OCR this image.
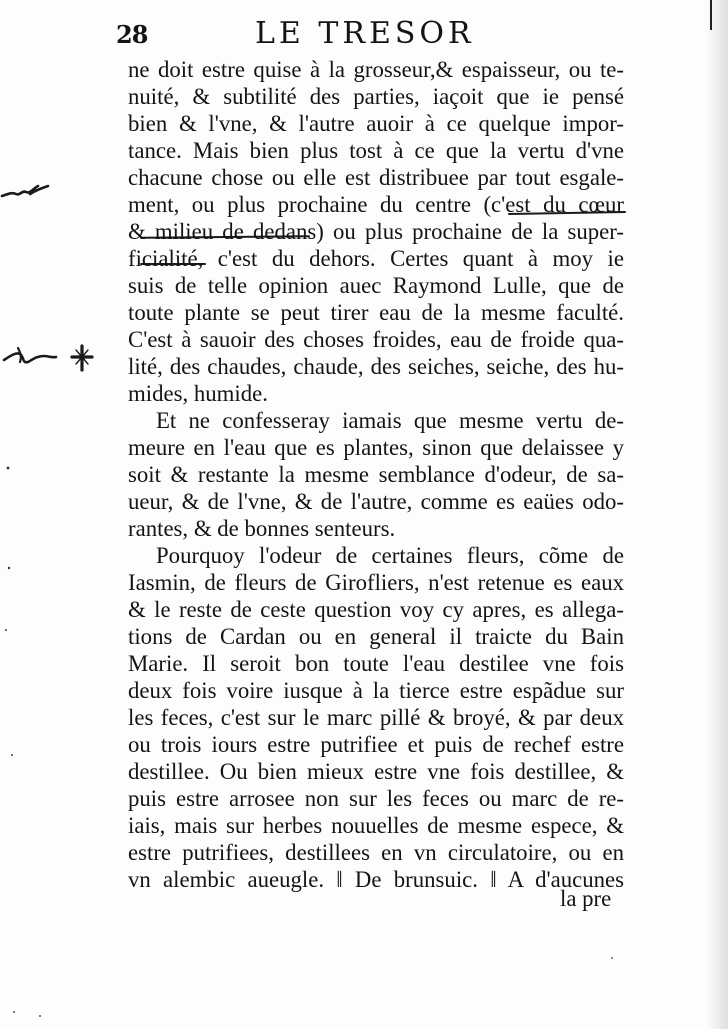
28	LE TRESOR
ne doit estre quise à la grosseur,& espaisseur, ou te-
nuité, & subtilité des parties, iaçoit que ie pensé
bien & l'vne, & l'autre auoir à ce quelque impor-
tance. Mais bien plus tost à ce que la vertu d'vne
chacune chose ou elle est distribuee par tout esgale-
ment, ou plus prochaine du centre (c'est du cœur
& milieu de dedans) ou plus prochaine de la super-
ficialité, c'est du dehors. Certes quant à moy ie
suis de telle opinion auec Raymond Lulle, que de
toute plante se peut tirer eau de la mesme faculté.
C'est à sauoir des choses froides, eau de froide qua-
lité, des chaudes, chaude, des seiches, seiche, des hu-
mides, humide.
Et ne confesseray iamais que mesme vertu de-
meure en l'eau que es plantes, sinon que delaissee y
soit & restante la mesme semblance d'odeur, de sa-
ueur, & de l'vne, & de l'autre, comme es eaües odo-
rantes, & de bonnes senteurs.
Pourquoy l'odeur de certaines fleurs, cõme de
Iasmin, de fleurs de Girofliers, n'est retenue es eaux
& le reste de ceste question voy cy apres, es allega-
tions de Cardan ou en general il traicte du Bain
Marie. Il seroit bon toute l'eau destilee vne fois
deux fois voire iusque à la tierce estre espãdue sur
les feces, c'est sur le marc pillé & broyé, & par deux
ou trois iours estre putrifiee et puis de rechef estre
destillee. Ou bien mieux estre vne fois destillee, &
puis estre arrosee non sur les feces ou marc de re-
iais, mais sur herbes nouuelles de mesme espece, &
estre putrifiees, destillees en vn circulatoire, ou en
vn alembic aueugle. ‖ De brunsuic. ‖ A d'aucunes
la pre
